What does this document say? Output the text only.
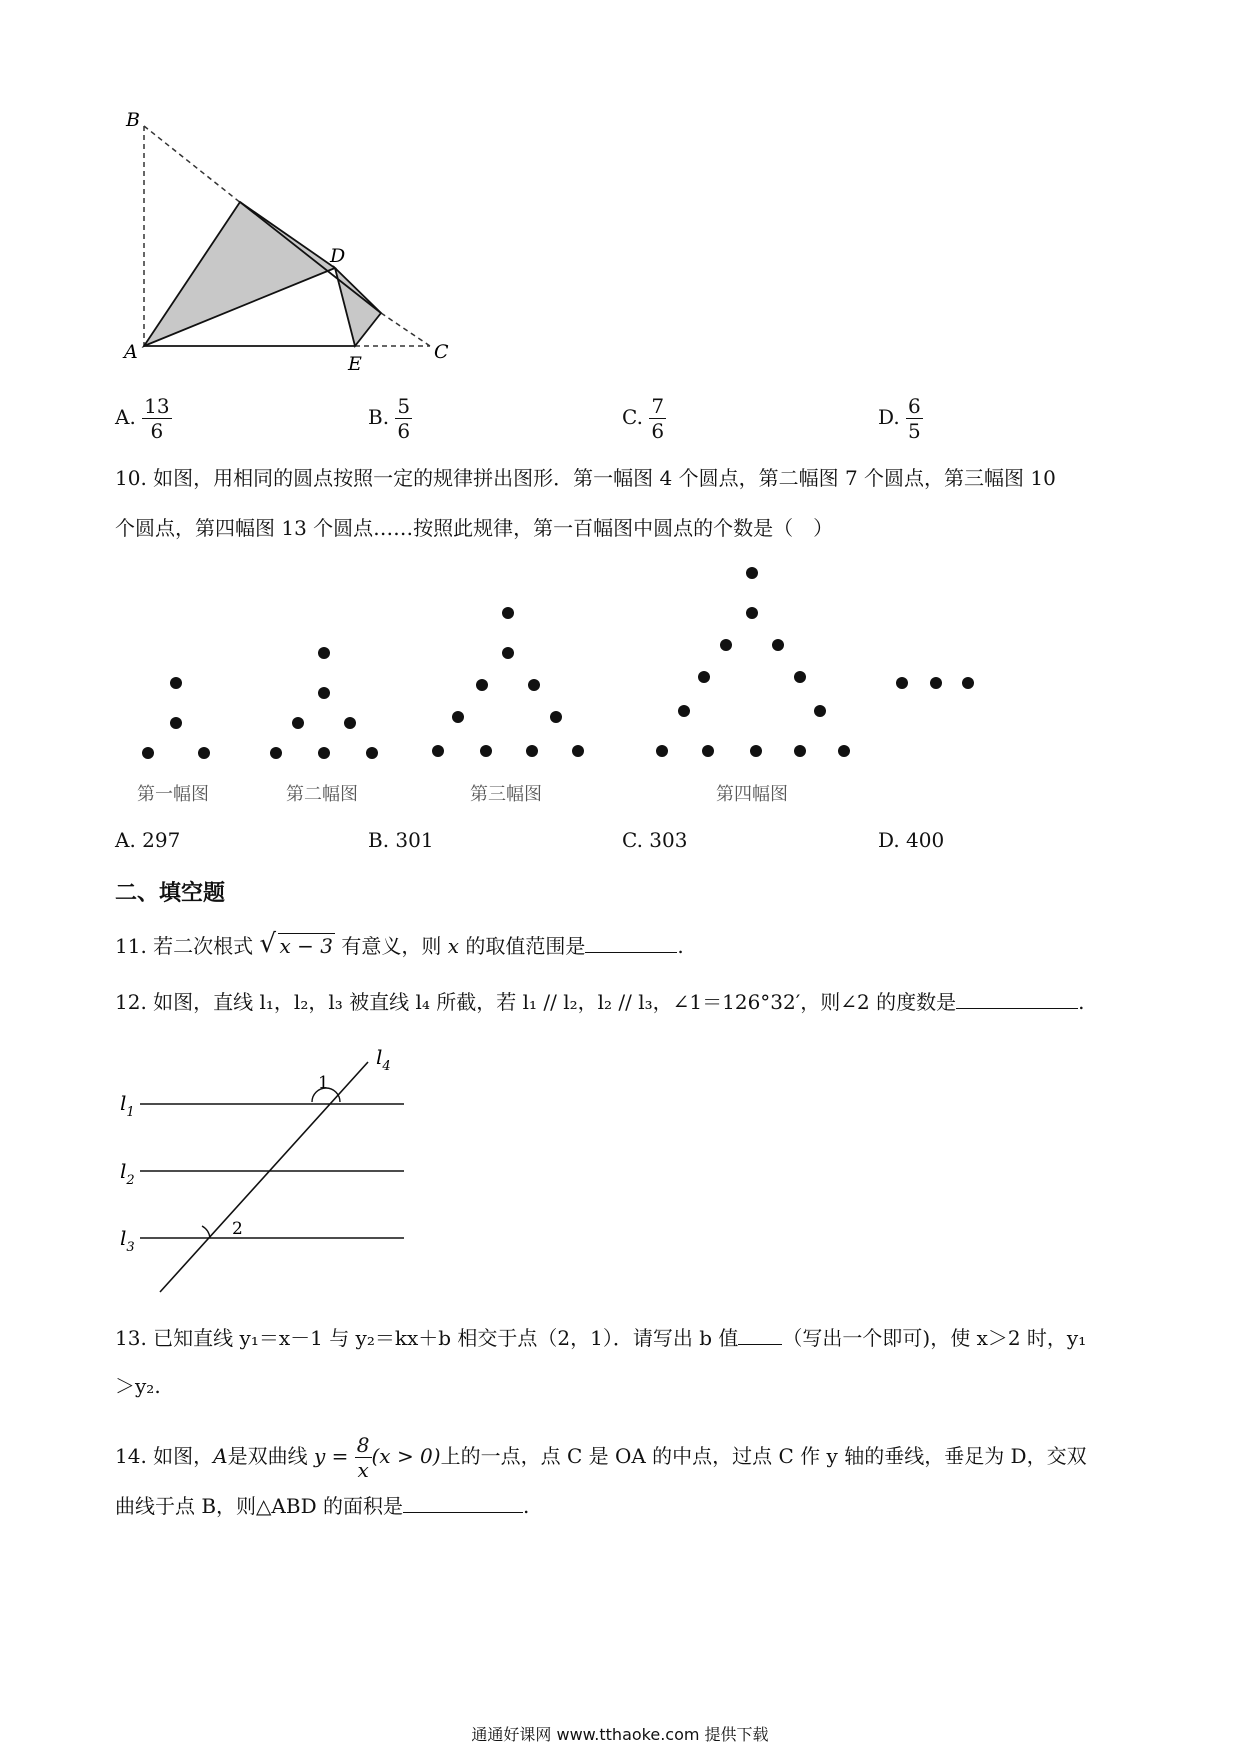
B
D
A
E
C
A. $\frac{13}{6}$	B. $\frac{5}{6}$	C. $\frac{7}{6}$	D. $\frac{6}{5}$
10. 如图，用相同的圆点按照一定的规律拼出图形．第一幅图 4 个圆点，第二幅图 7 个圆点，第三幅图 10
个圆点，第四幅图 13 个圆点……按照此规律，第一百幅图中圆点的个数是（　）
第一幅图	第二幅图	第三幅图	第四幅图
A. 297	B. 301	C. 303	D. 400
二、填空题
11. 若二次根式 √ x − 3 有意义，则 x 的取值范围是	.
12. 如图，直线 l₁，l₂，l₃ 被直线 l₄ 所截，若 l₁ // l₂，l₂ // l₃，∠1＝126°32′，则∠2 的度数是	.
$l_1$
$l_2$
$l_3$
$l_4$
1
2
13. 已知直线 y₁＝x－1 与 y₂＝kx＋b 相交于点（2，1）．请写出 b 值 （写出一个即可)，使 x＞2 时，y₁
＞y₂.
14. 如图，A是双曲线 $y = \frac{8}{x} (x > 0)$上的一点，点 C 是 OA 的中点，过点 C 作 y 轴的垂线，垂足为 D，交双
曲线于点 B，则△ABD 的面积是	.
通通好课网 www.tthaoke.com 提供下载
